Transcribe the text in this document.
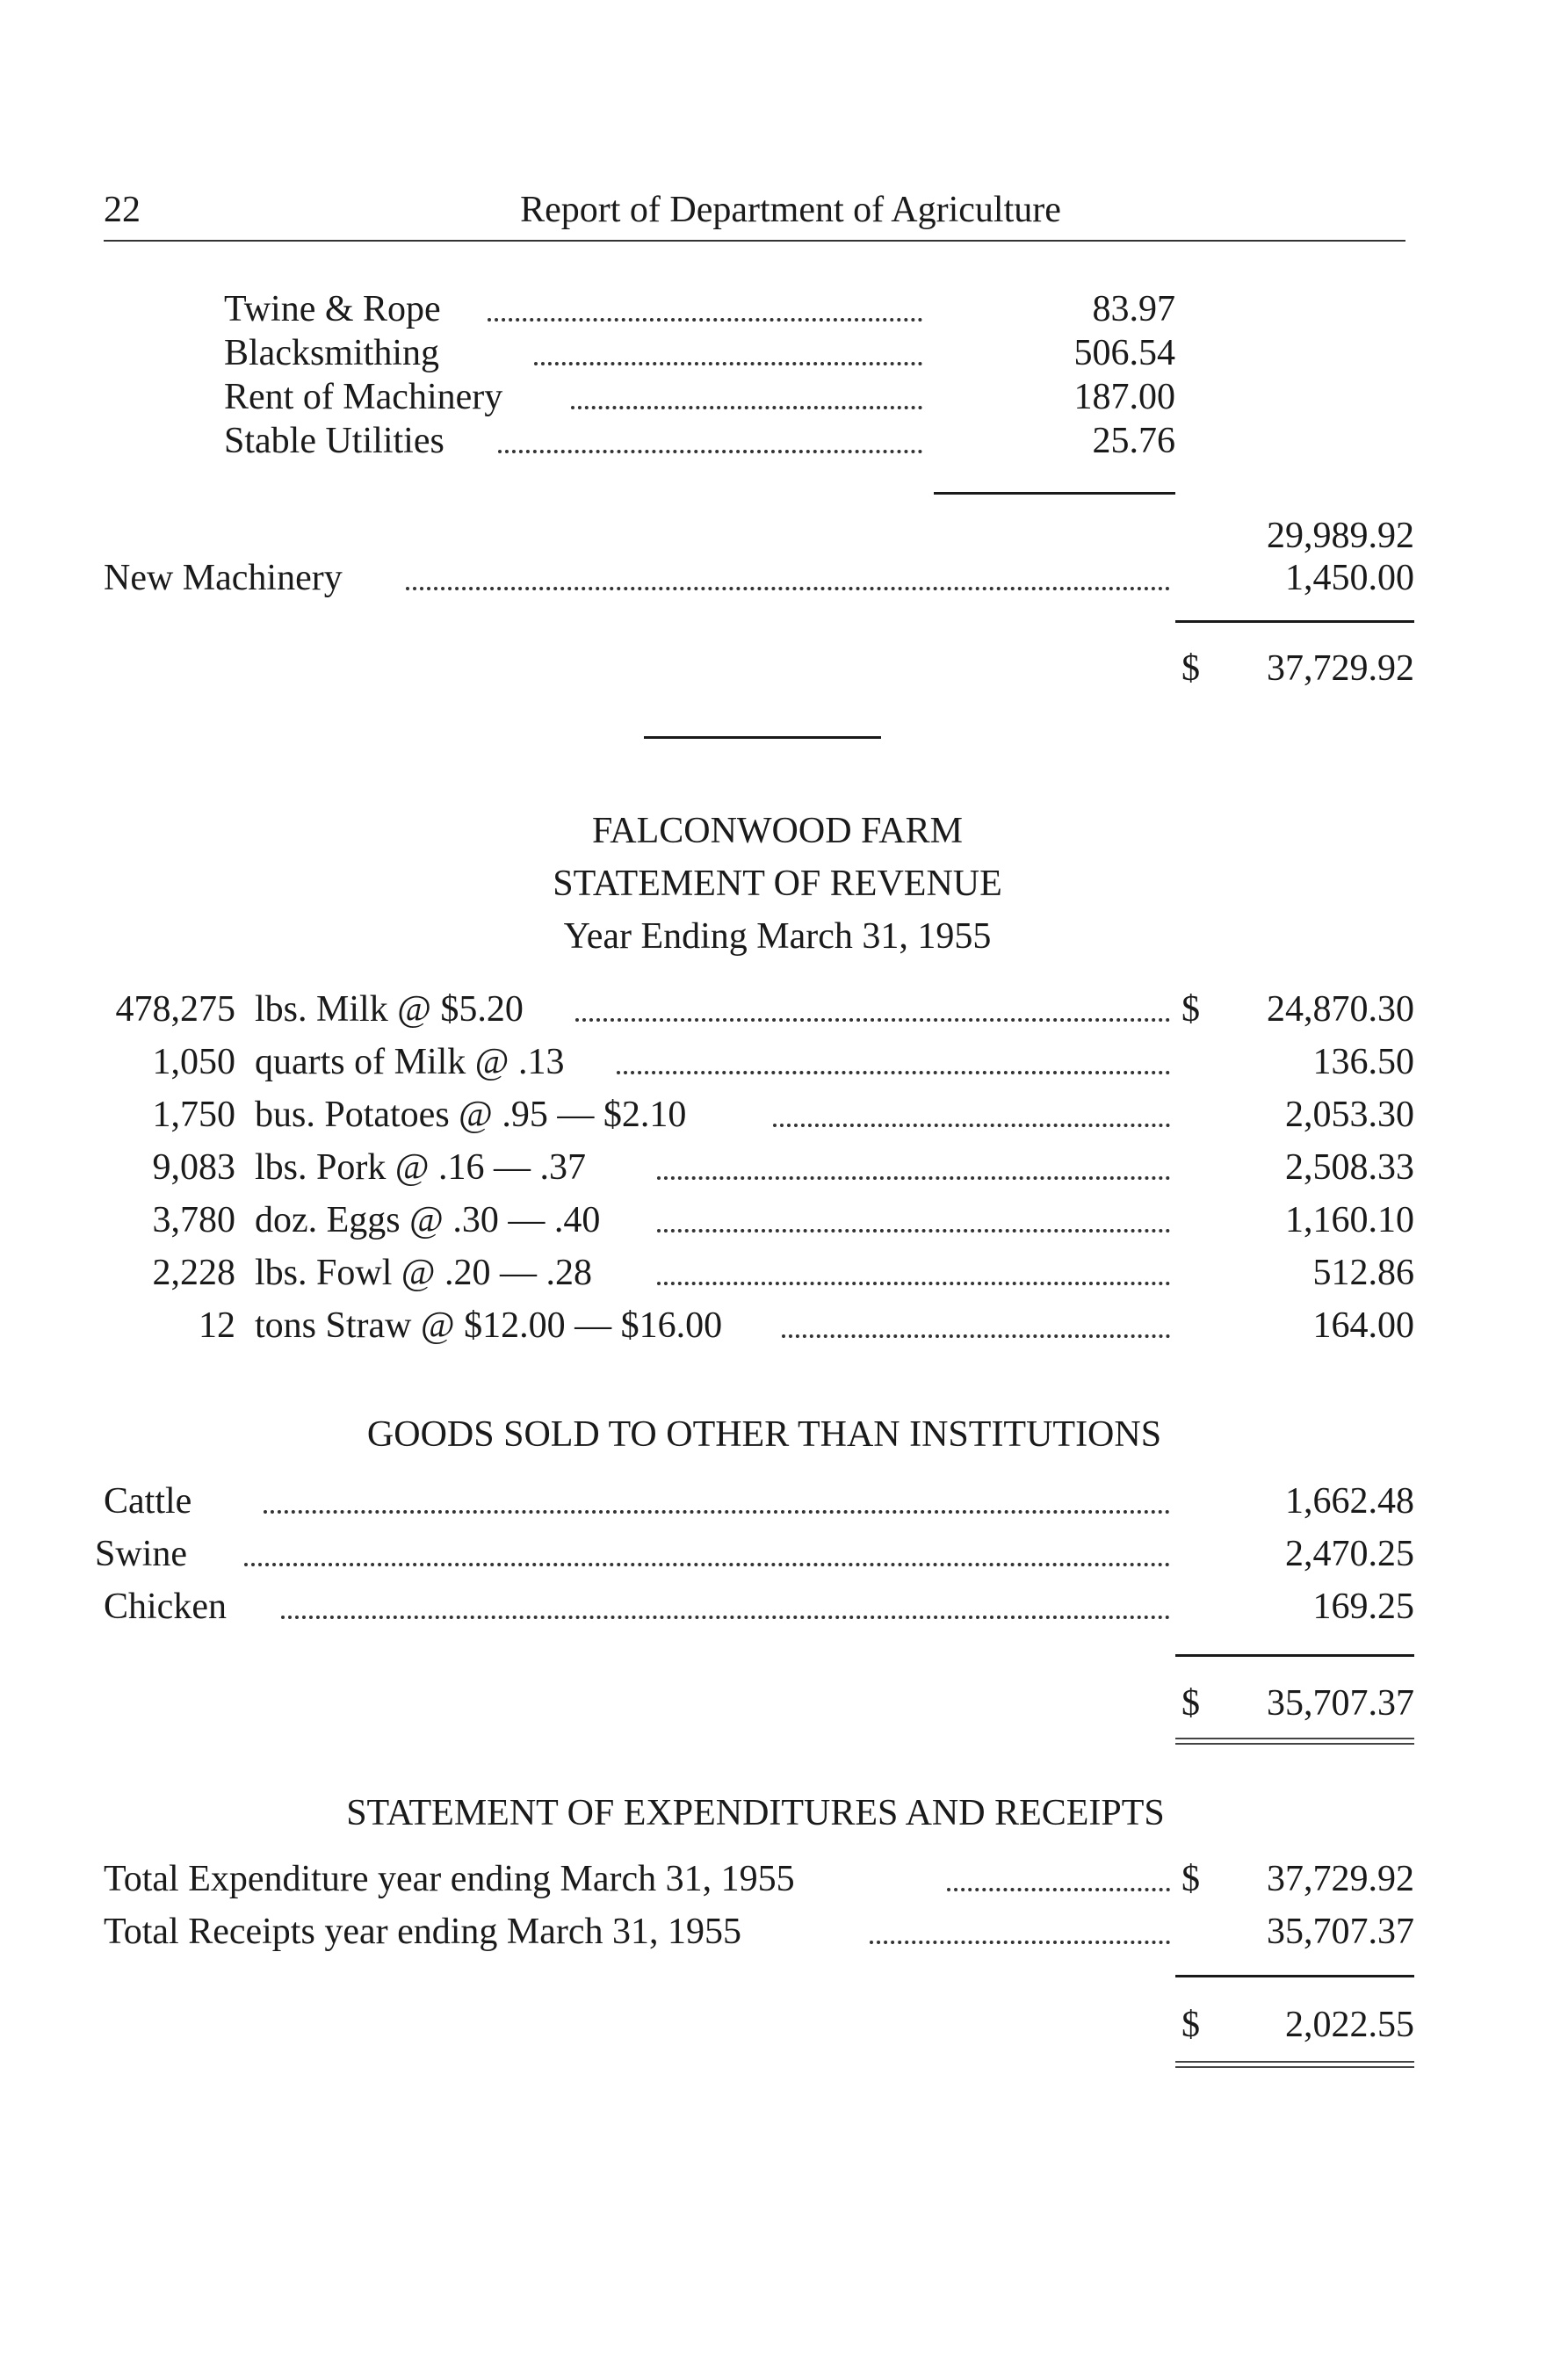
22	Report of Department of Agriculture
Twine & Rope	83.97
Blacksmithing	506.54
Rent of Machinery	187.00
Stable Utilities	25.76
29,989.92
New Machinery	1,450.00
$	37,729.92
FALCONWOOD FARM
STATEMENT OF REVENUE
Year Ending March 31, 1955
478,275 lbs. Milk @ $5.20	$	24,870.30
1,050 quarts of Milk @ .13	136.50
1,750 bus. Potatoes @ .95 — $2.10	2,053.30
9,083 lbs. Pork @ .16 — .37	2,508.33
3,780 doz. Eggs @ .30 — .40	1,160.10
2,228 lbs. Fowl @ .20 — .28	512.86
12 tons Straw @ $12.00 — $16.00	164.00
GOODS SOLD TO OTHER THAN INSTITUTIONS
Cattle	1,662.48
Swine	2,470.25
Chicken	169.25
$	35,707.37
STATEMENT OF EXPENDITURES AND RECEIPTS
Total Expenditure year ending March 31, 1955	$	37,729.92
Total Receipts year ending March 31, 1955	35,707.37
$	2,022.55
